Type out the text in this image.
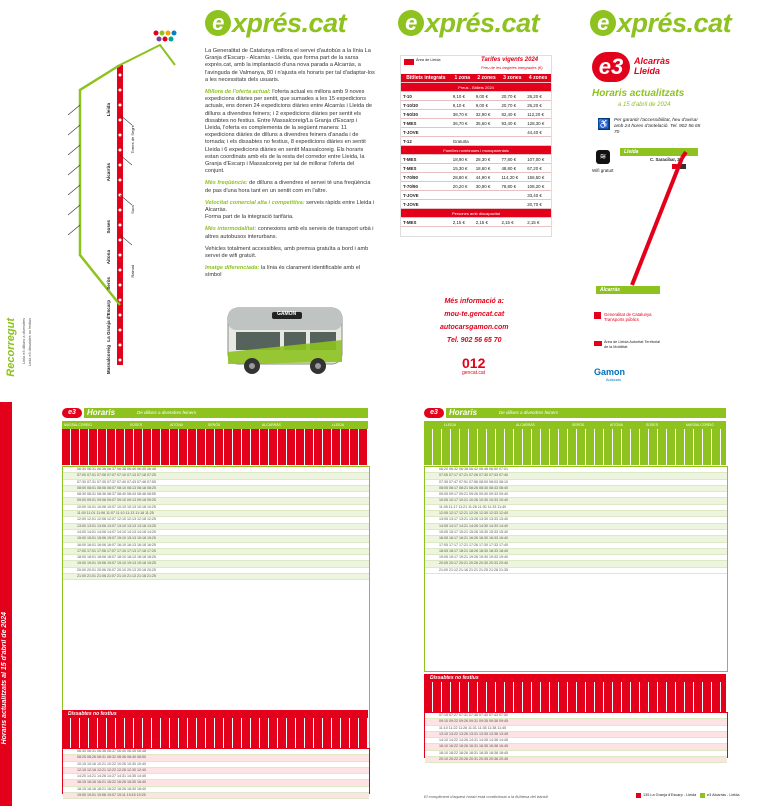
e xprés.cat

La Generalitat de Catalunya millora el servei d'autobús a la línia La Granja d'Escarp - Alcarràs - Lleida, que forma part de la xarxa exprés.cat, amb la implantació d'una nova parada a Alcarràs, a l'avinguda de Valmanya, 80 i n'ajusta els horaris per tal d'adaptar-los a les necessitats dels usuaris.

Millora de l'oferta actual: l'oferta actual es millora amb 9 noves expedicions diàries per sentit, que sumades a les 15 expedicions actuals, ens donen 24 expedicions diàries entre Alcarràs i Lleida de dilluns a divendres feiners; i 2 expedicions diàries per sentit els dissabtes no festius. Entre Massalcoreig/La Granja d'Escarp i Lleida, l'oferta es complementa de la següent manera: 11 expedicions diàries de dilluns a divendres feiners d'anada i de tornada; i els dissabtes no festius, 8 expedicions diàries en sentit Lleida i 6 expedicions diàries en sentit Massalcoreig. Els horaris estan coordinats amb els de la resta del corredor entre Lleida, la Granja d'Escarp i Massalcoreig per tal de millorar l'oferta del conjunt.

Més freqüència: de dilluns a divendres el servei té una freqüència de pas d'una hora tant en un sentit com en l'altre.

Velocitat comercial alta i competitiva: serveis ràpids entre Lleida i Alcarràs.

Forma part de la integració tarifària.

Més intermodalitat: connexions amb els serveis de transport urbà i altres autobusos interurbans.

Vehicles totalment accessibles, amb premsa gratuïta a bord i amb servei de wifi gratuït.

Imatge diferenciada: la línia és clarament identificable amb el símbol

GAMON
Lleida
Alcarràs
Soses
Aitona
Seròs
La Granja d'Escarp
Massalcoreig
Torres de Segre
Sucs
Raimat
Recorregut Línia e3 dilluns a divendres Línia e3 dissabtes no festius
e xprés.cat
Àrea de Lleida	Tarifes vigents 2024
Preu de les targetes integrades (€)
Bitllets integrats	1 zona	2 zones	3 zones	4 zones
Preus - Bitllets 2024				
T-10	9,10 €	9,00 €	20,70 €	26,20 €
T-10/30	9,10 €	9,00 €	20,70 €	26,20 €
T-50/30	38,70 €	32,90 €	82,40 €	112,20 €
T-MES	36,70 €	35,60 €	93,40 €	128,30 €
T-JOVE				44,40 €
T-12	Gratuïta			
Famílies nombroses i monoparentals				
T-MES	18,90 €	28,30 €	77,80 €	107,00 €
T-MES	15,30 €	18,60 €	48,80 €	67,20 €
T-70/90	28,80 €	44,90 €	114,30 €	156,50 €
T-70/90	20,20 €	30,90 €	78,80 €	108,20 €
T-JOVE				33,40 €
T-JOVE				20,70 €
Persones amb discapacitat				
T-MES	2,15 €	2,15 €	2,15 €	2,15 €
Més informació a:
mou-te.gencat.cat
autocarsgamon.com
Tel. 902 56 65 70
012
gencat.cat
e xprés.cat
e3	Alcarràs Lleida
Horaris actualitzats
a 15 d'abril de 2024
♿ Per garantir l'accessibilitat, heu d'avisar amb 24 hores d'antelació. Tel. 902 56 65 70
≋
Wifi gratuït
Lleida
C. Saracibar, 2
Alcarràs
Generalitat de Catalunya Transports públics
Àrea de Lleida Autoritat Territorial de la Mobilitat
Gamon
Autocars
Horaris actualitzats al 15 d'abril de 2024
e3	Horaris	De dilluns a divendres feiners
MASSALCOREIG	SOSES	AITONA	SERÒS	ALCARRÀS	LLEIDA
06:30 06:31 06:36 06:37 06:38 06:40 06:45 06:48
07:00 07:01 07:06 07:07 07:10 07:13 07:18 07:25
07:30 07:31 07:35 07:37 07:40 07:43 07:48 07:55
08:00 08:01 08:06 08:07 08:10 08:13 08:18 08:25
08:30 08:31 08:36 08:37 08:40 08:43 08:48 08:55
09:00 09:01 09:06 09:07 09:10 09:13 09:18 09:25
10:00 10:01 10:06 10:07 10:10 10:13 10:18 10:25
11:00 11:01 11:06 11:07 11:10 11:13 11:18 11:25
12:00 12:01 12:06 12:07 12:10 12:13 12:18 12:25
13:00 13:01 13:06 13:07 13:10 13:13 13:18 13:25
14:00 14:01 14:06 14:07 14:10 14:13 14:18 14:25
15:00 15:01 15:06 15:07 15:10 15:13 15:18 15:25
16:00 16:01 16:06 16:07 16:10 16:13 16:18 16:25
17:00 17:01 17:06 17:07 17:10 17:13 17:18 17:25
18:00 18:01 18:06 18:07 18:10 18:13 18:18 18:25
19:00 19:01 19:06 19:07 19:10 19:13 19:18 19:25
20:00 20:01 20:06 20:07 20:10 20:13 20:18 20:25
21:00 21:01 21:06 21:07 21:10 21:13 21:18 21:25
Dissabtes no festius
06:30 06:31 06:36 06:37 06:40 06:45 06:48
08:25 08:26 08:31 08:32 08:36 08:40 08:50
10:15 10:16 10:21 10:22 10:26 10:30 10:40
12:15 12:16 12:21 12:22 12:26 12:30 12:40
14:20 14:21 14:26 14:27 14:31 14:35 14:45
16:15 16:16 16:21 16:22 16:26 16:30 16:40
18:15 18:16 18:21 18:22 18:26 18:30 18:40
19:00 19:01 19:06 19:07 19:11 19:15 19:25
e3	Horaris	De dilluns a divendres feiners
LLEIDA	ALCARRÀS	SERÒS	AITONA	SOSES	MASSALCOREIG
06:20 06:32 06:38 06:42 06:48 06:50 07:01
07:05 07:17 07:21 07:26 07:30 07:33 07:40
07:35 07:47 07:51 07:56 08:00 08:03 08:10
08:05 08:17 08:21 08:26 08:30 08:33 08:40
09:05 09:17 09:21 09:26 09:30 09:33 09:40
10:05 10:17 10:21 10:26 10:30 10:33 10:40
11:05 11:17 11:21 11:26 11:30 11:33 11:40
12:05 12:17 12:21 12:26 12:30 12:33 12:40
13:05 13:17 13:21 13:26 13:30 13:33 13:40
14:05 14:17 14:21 14:26 14:30 14:33 14:40
15:05 15:17 15:21 15:26 15:30 15:33 15:40
16:05 16:17 16:21 16:26 16:30 16:33 16:40
17:05 17:17 17:21 17:26 17:30 17:33 17:40
18:05 18:17 18:21 18:26 18:30 18:33 18:40
19:05 19:17 19:21 19:26 19:30 19:33 19:40
20:05 20:17 20:21 20:26 20:30 20:33 20:40
21:00 21:12 21:16 21:21 21:25 21:28 21:35
Dissabtes no festius
07:15 07:27 07:31 07:36 07:40 07:43 07:50
09:10 09:22 09:26 09:31 09:35 09:38 09:45
11:10 11:22 11:26 11:31 11:35 11:38 11:45
13:10 13:22 13:26 13:31 13:35 13:38 13:45
14:10 14:22 14:26 14:31 14:35 14:38 14:45
16:10 16:22 16:26 16:31 16:35 16:38 16:45
18:10 18:22 18:26 18:31 18:35 18:38 18:45
20:10 20:22 20:26 20:31 20:35 20:38 20:45
El compliment d'aquest horari està condicionat a la fluïdesa del trànsit	135 La Granja d'Escarp - Lleida	e3 Alcarràs - Lleida
